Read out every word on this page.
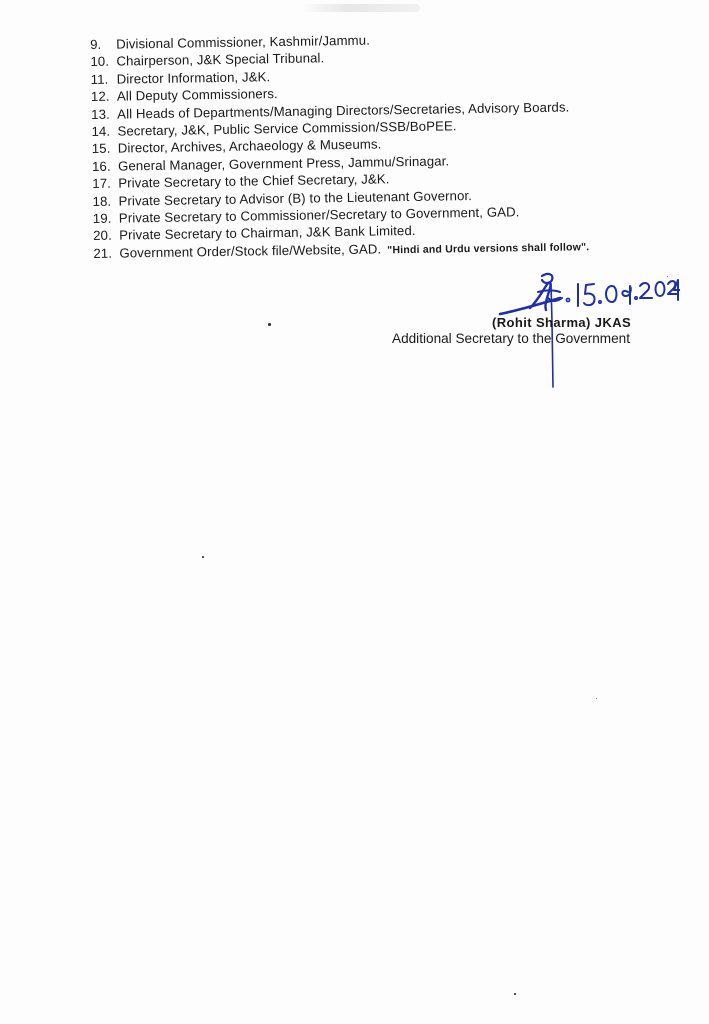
9.	Divisional Commissioner, Kashmir/Jammu.
10. Chairperson, J&K Special Tribunal.
11. Director Information, J&K.
12. All Deputy Commissioners.
13. All Heads of Departments/Managing Directors/Secretaries, Advisory Boards.
14. Secretary, J&K, Public Service Commission/SSB/BoPEE.
15. Director, Archives, Archaeology & Museums.
16. General Manager, Government Press, Jammu/Srinagar.
17. Private Secretary to the Chief Secretary, J&K.
18. Private Secretary to Advisor (B) to the Lieutenant Governor.
19. Private Secretary to Commissioner/Secretary to Government, GAD.
20. Private Secretary to Chairman, J&K Bank Limited.
21. Government Order/Stock file/Website, GAD. "Hindi and Urdu versions shall follow".
(Rohit Sharma) JKAS
Additional Secretary to the Government
